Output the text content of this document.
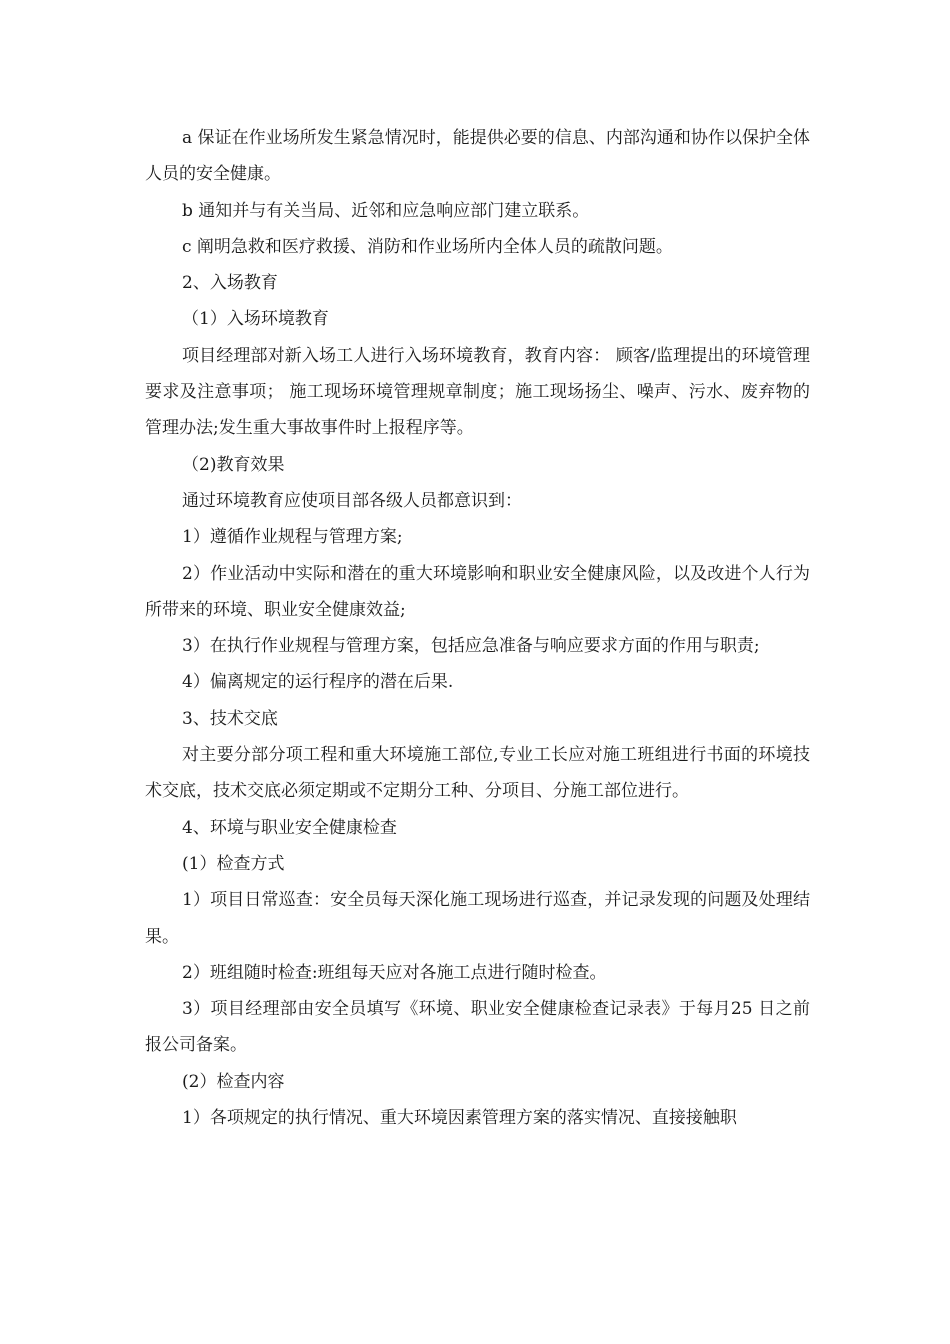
a 保证在作业场所发生紧急情况时，能提供必要的信息、内部沟通和协作以保护全体人员的安全健康。

b 通知并与有关当局、近邻和应急响应部门建立联系。

c 阐明急救和医疗救援、消防和作业场所内全体人员的疏散问题。

2、入场教育

（1）入场环境教育

项目经理部对新入场工人进行入场环境教育，教育内容： 顾客/监理提出的环境管理要求及注意事项； 施工现场环境管理规章制度；施工现场扬尘、噪声、污水、废弃物的管理办法;发生重大事故事件时上报程序等。

（2)教育效果

通过环境教育应使项目部各级人员都意识到：

1）遵循作业规程与管理方案;

2）作业活动中实际和潜在的重大环境影响和职业安全健康风险，以及改进个人行为所带来的环境、职业安全健康效益;

3）在执行作业规程与管理方案，包括应急准备与响应要求方面的作用与职责;

4）偏离规定的运行程序的潜在后果.

3、技术交底

对主要分部分项工程和重大环境施工部位,专业工长应对施工班组进行书面的环境技术交底，技术交底必须定期或不定期分工种、分项目、分施工部位进行。

4、环境与职业安全健康检查

(1）检查方式

1）项目日常巡查：安全员每天深化施工现场进行巡查，并记录发现的问题及处理结果。

2）班组随时检查:班组每天应对各施工点进行随时检查。

3）项目经理部由安全员填写《环境、职业安全健康检查记录表》于每月25 日之前报公司备案。

(2）检查内容

1）各项规定的执行情况、重大环境因素管理方案的落实情况、直接接触职
